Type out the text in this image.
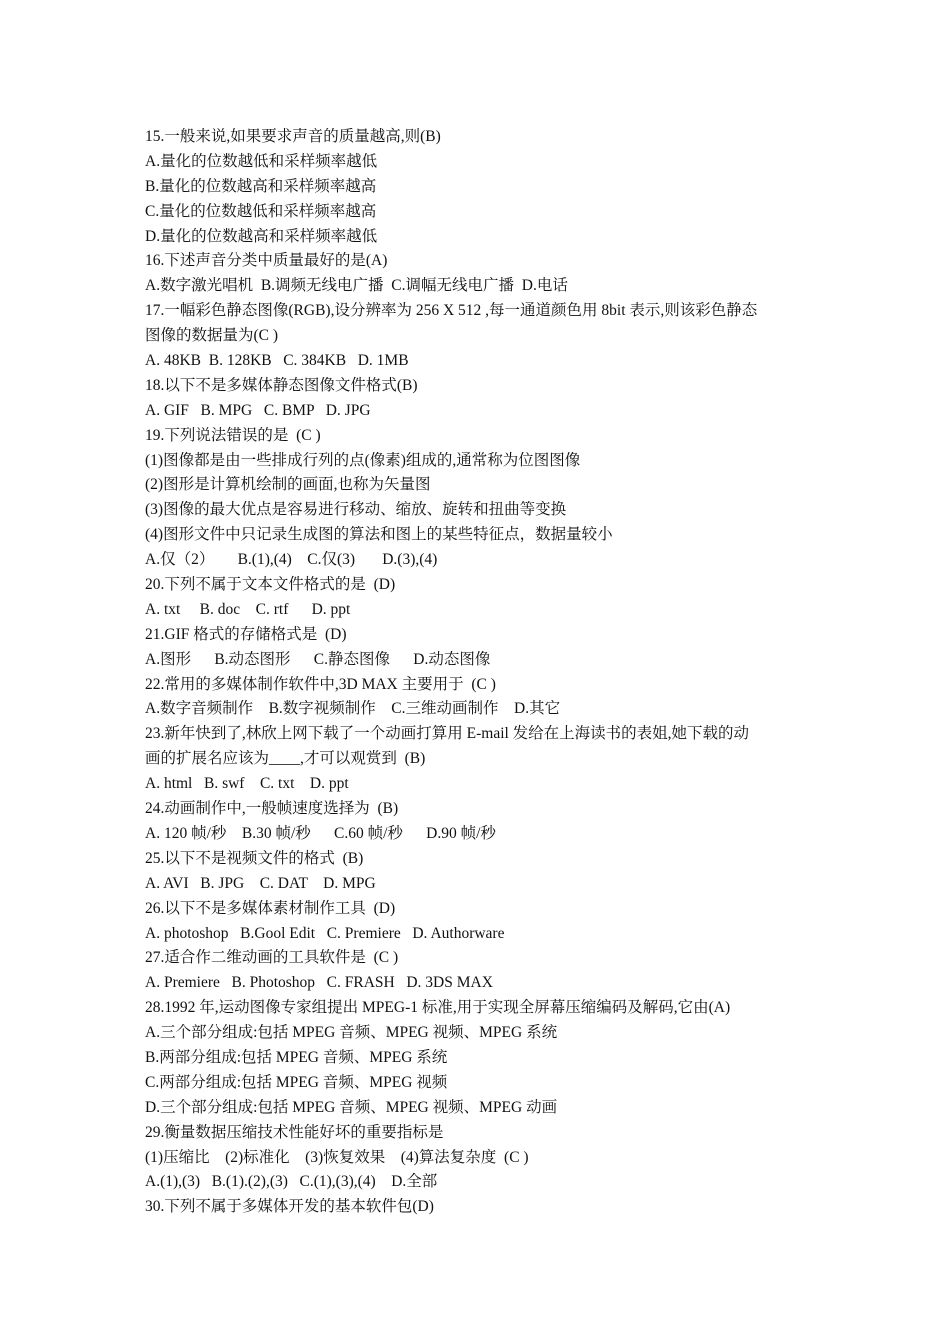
15.一般来说,如果要求声音的质量越高,则(B)
A.量化的位数越低和采样频率越低
B.量化的位数越高和采样频率越高
C.量化的位数越低和采样频率越高
D.量化的位数越高和采样频率越低
16.下述声音分类中质量最好的是(A)
A.数字激光唱机  B.调频无线电广播  C.调幅无线电广播  D.电话
17.一幅彩色静态图像(RGB),设分辨率为 256 X 512 ,每一通道颜色用 8bit 表示,则该彩色静态
图像的数据量为(C )
A. 48KB  B. 128KB   C. 384KB   D. 1MB
18.以下不是多媒体静态图像文件格式(B)
A. GIF   B. MPG   C. BMP   D. JPG
19.下列说法错误的是  (C )
(1)图像都是由一些排成行列的点(像素)组成的,通常称为位图图像
(2)图形是计算机绘制的画面,也称为矢量图
(3)图像的最大优点是容易进行移动、缩放、旋转和扭曲等变换
(4)图形文件中只记录生成图的算法和图上的某些特征点，数据量较小
A.仅（2）      B.(1),(4)    C.仅(3)       D.(3),(4)
20.下列不属于文本文件格式的是  (D)
A. txt     B. doc    C. rtf      D. ppt
21.GIF 格式的存储格式是  (D)
A.图形      B.动态图形      C.静态图像      D.动态图像
22.常用的多媒体制作软件中,3D MAX 主要用于  (C )
A.数字音频制作    B.数字视频制作    C.三维动画制作    D.其它
23.新年快到了,林欣上网下载了一个动画打算用 E-mail 发给在上海读书的表姐,她下载的动
画的扩展名应该为____,才可以观赏到  (B)
A. html   B. swf    C. txt    D. ppt
24.动画制作中,一般帧速度选择为  (B)
A. 120 帧/秒    B.30 帧/秒      C.60 帧/秒      D.90 帧/秒
25.以下不是视频文件的格式  (B)
A. AVI   B. JPG    C. DAT    D. MPG
26.以下不是多媒体素材制作工具  (D)
A. photoshop   B.Gool Edit   C. Premiere   D. Authorware
27.适合作二维动画的工具软件是  (C )
A. Premiere   B. Photoshop   C. FRASH   D. 3DS MAX
28.1992 年,运动图像专家组提出 MPEG-1 标准,用于实现全屏幕压缩编码及解码,它由(A)
A.三个部分组成:包括 MPEG 音频、MPEG 视频、MPEG 系统
B.两部分组成:包括 MPEG 音频、MPEG 系统
C.两部分组成:包括 MPEG 音频、MPEG 视频
D.三个部分组成:包括 MPEG 音频、MPEG 视频、MPEG 动画
29.衡量数据压缩技术性能好坏的重要指标是
(1)压缩比    (2)标准化    (3)恢复效果    (4)算法复杂度  (C )
A.(1),(3)   B.(1).(2),(3)   C.(1),(3),(4)    D.全部
30.下列不属于多媒体开发的基本软件包(D)
